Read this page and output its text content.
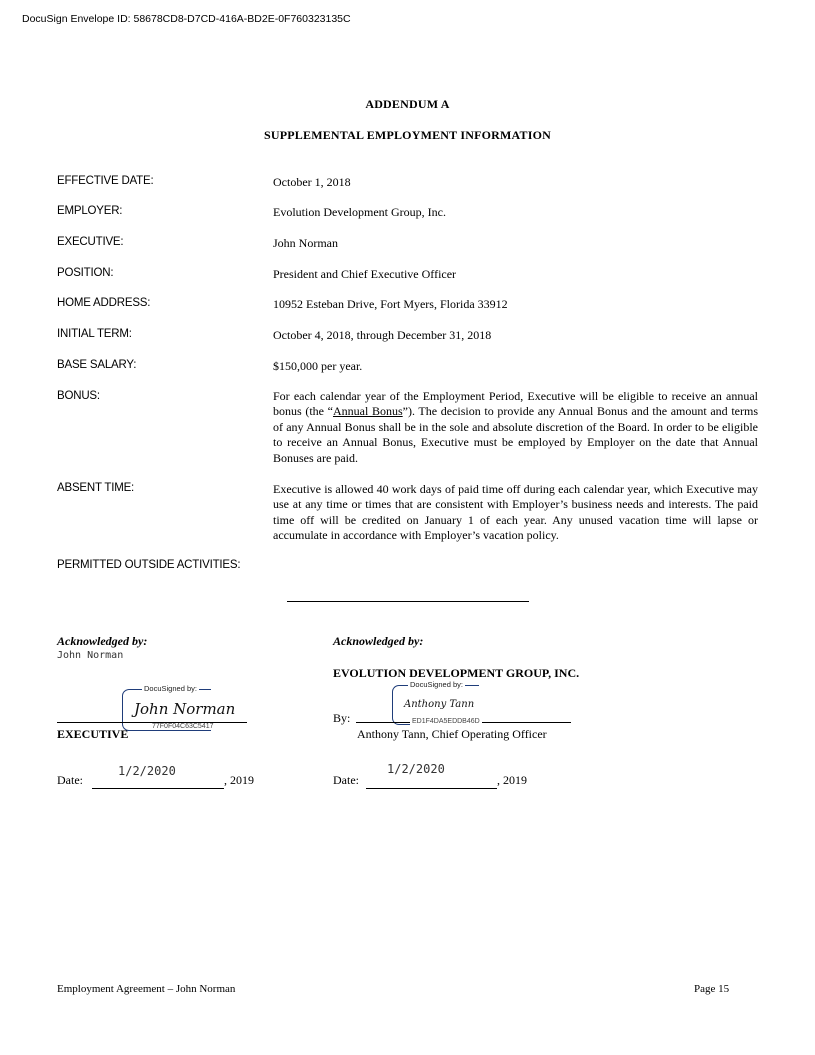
DocuSign Envelope ID: 58678CD8-D7CD-416A-BD2E-0F760323135C
ADDENDUM A
SUPPLEMENTAL EMPLOYMENT INFORMATION
EFFECTIVE DATE:	October 1, 2018
EMPLOYER:	Evolution Development Group, Inc.
EXECUTIVE:	John Norman
POSITION:	President and Chief Executive Officer
HOME ADDRESS:	10952 Esteban Drive, Fort Myers, Florida 33912
INITIAL TERM:	October 4, 2018, through December 31, 2018
BASE SALARY:	$150,000 per year.
BONUS:	For each calendar year of the Employment Period, Executive will be eligible to receive an annual bonus (the “Annual Bonus”). The decision to provide any Annual Bonus and the amount and terms of any Annual Bonus shall be in the sole and absolute discretion of the Board. In order to be eligible to receive an Annual Bonus, Executive must be employed by Employer on the date that Annual Bonuses are paid.
ABSENT TIME:	Executive is allowed 40 work days of paid time off during each calendar year, which Executive may use at any time or times that are consistent with Employer’s business needs and interests. The paid time off will be credited on January 1 of each year. Any unused vacation time will lapse or accumulate in accordance with Employer’s vacation policy.
PERMITTED OUTSIDE ACTIVITIES:
Acknowledged by:
John Norman
DocuSigned by:
John Norman
77F0F04C63C5417
EXECUTIVE
Date:
1/2/2020
, 2019
Acknowledged by:
EVOLUTION DEVELOPMENT GROUP, INC.
DocuSigned by:
Anthony Tann
By:	ED1F4DA5EDDB46D
Anthony Tann, Chief Operating Officer
Date:
1/2/2020
, 2019
Employment Agreement – John Norman	Page 15
